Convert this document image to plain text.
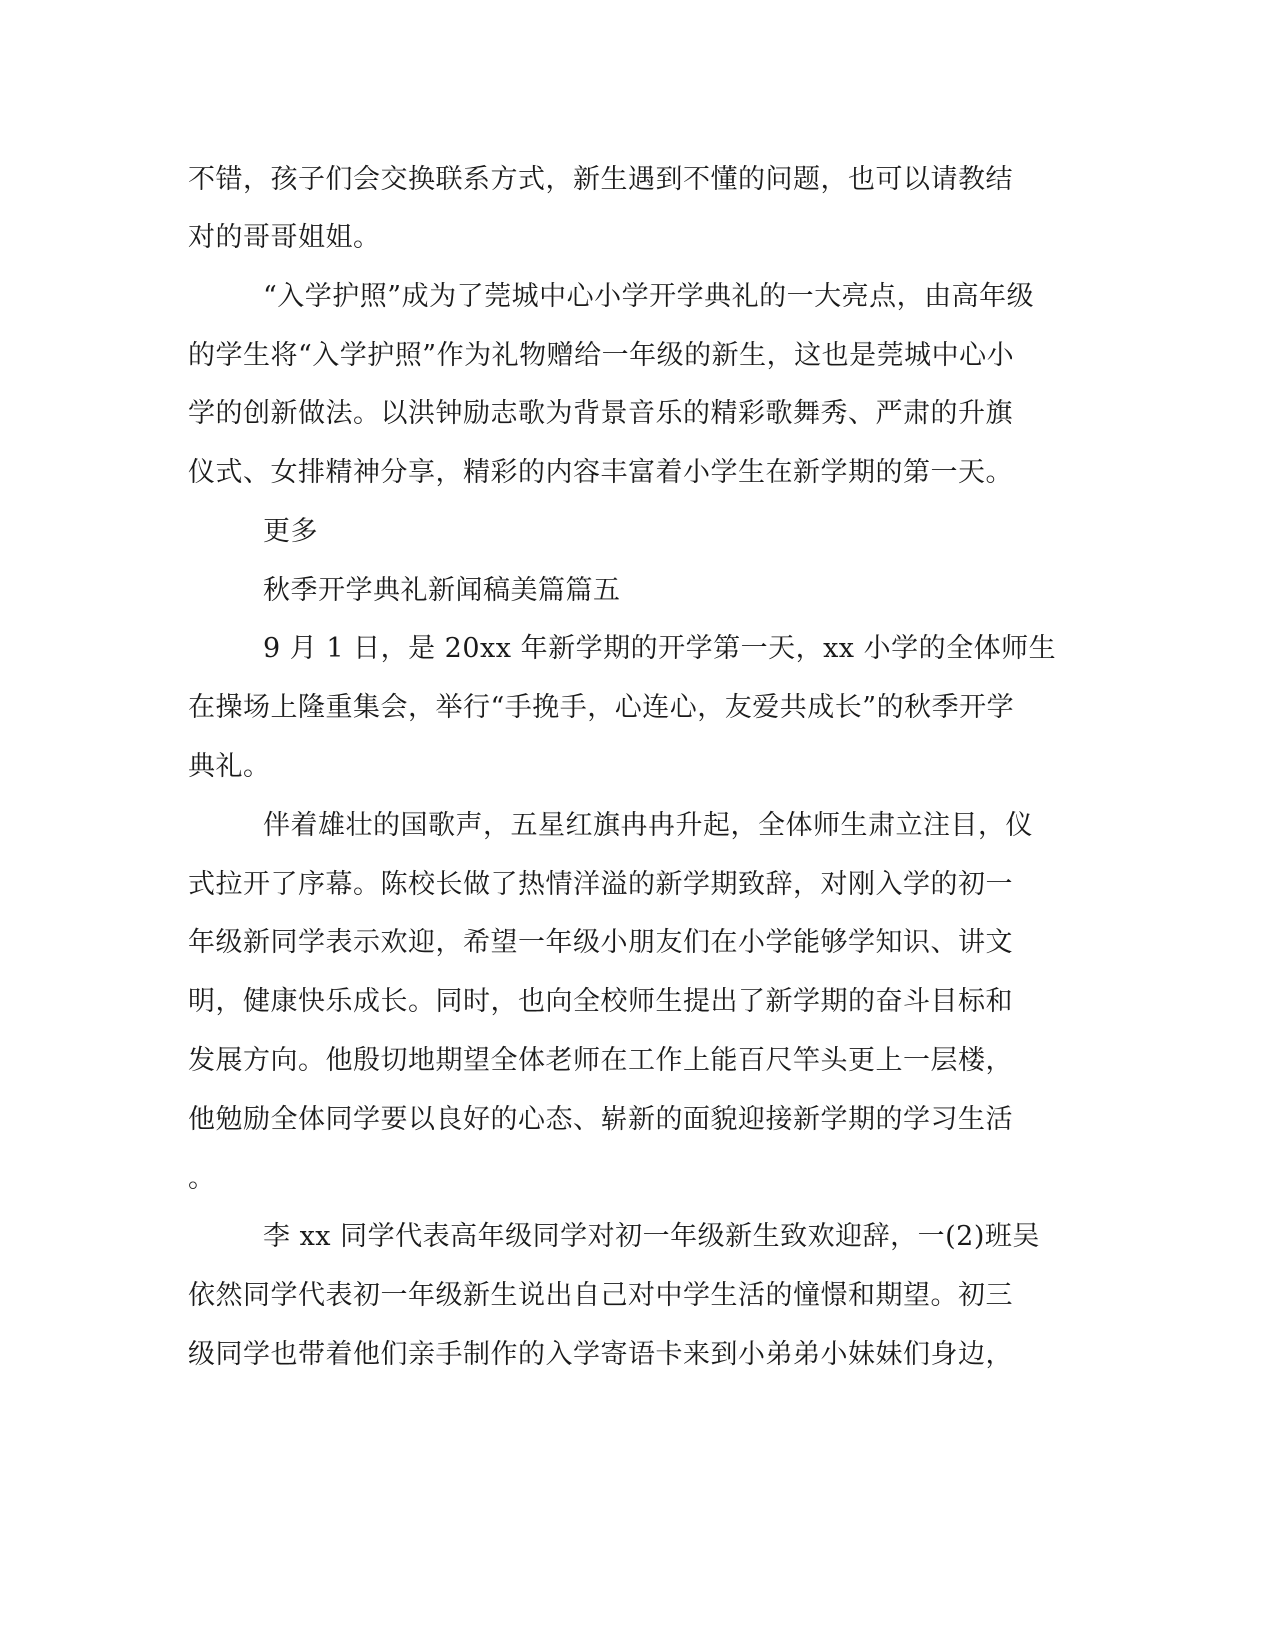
不错，孩子们会交换联系方式，新生遇到不懂的问题，也可以请教结
对的哥哥姐姐。
“入学护照”成为了莞城中心小学开学典礼的一大亮点，由高年级
的学生将“入学护照”作为礼物赠给一年级的新生，这也是莞城中心小
学的创新做法。以洪钟励志歌为背景音乐的精彩歌舞秀、严肃的升旗
仪式、女排精神分享，精彩的内容丰富着小学生在新学期的第一天。
更多
秋季开学典礼新闻稿美篇篇五
9 月 1 日，是 20xx 年新学期的开学第一天，xx 小学的全体师生
在操场上隆重集会，举行“手挽手，心连心，友爱共成长”的秋季开学
典礼。
伴着雄壮的国歌声，五星红旗冉冉升起，全体师生肃立注目，仪
式拉开了序幕。陈校长做了热情洋溢的新学期致辞，对刚入学的初一
年级新同学表示欢迎，希望一年级小朋友们在小学能够学知识、讲文
明，健康快乐成长。同时，也向全校师生提出了新学期的奋斗目标和
发展方向。他殷切地期望全体老师在工作上能百尺竿头更上一层楼，
他勉励全体同学要以良好的心态、崭新的面貌迎接新学期的学习生活
。
李 xx 同学代表高年级同学对初一年级新生致欢迎辞，一(2)班吴
依然同学代表初一年级新生说出自己对中学生活的憧憬和期望。初三
级同学也带着他们亲手制作的入学寄语卡来到小弟弟小妹妹们身边，
